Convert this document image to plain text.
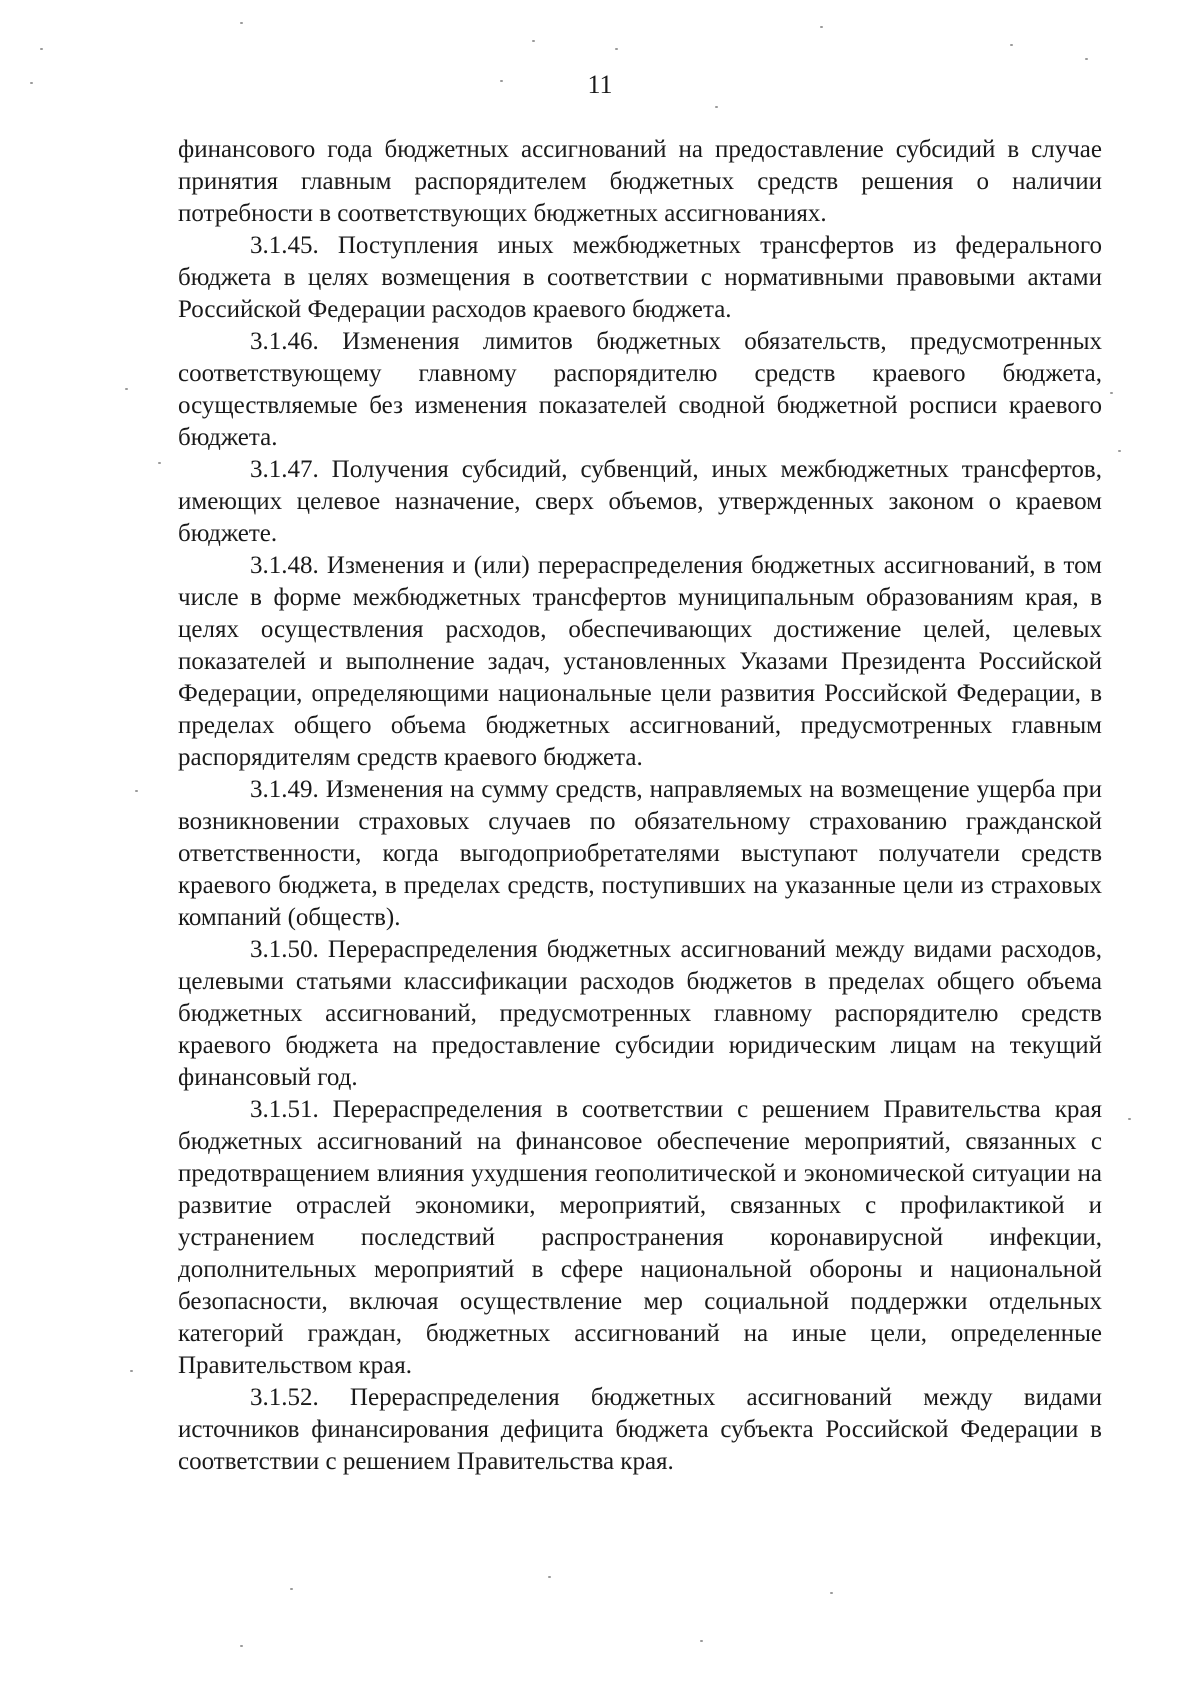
11

финансового года бюджетных ассигнований на предоставление субсидий в случае принятия главным распорядителем бюджетных средств решения о наличии потребности в соответствующих бюджетных ассигнованиях.

3.1.45. Поступления иных межбюджетных трансфертов из федерального бюджета в целях возмещения в соответствии с нормативными правовыми актами Российской Федерации расходов краевого бюджета.

3.1.46. Изменения лимитов бюджетных обязательств, предусмотренных соответствующему главному распорядителю средств краевого бюджета, осуществляемые без изменения показателей сводной бюджетной росписи краевого бюджета.

3.1.47. Получения субсидий, субвенций, иных межбюджетных трансфертов, имеющих целевое назначение, сверх объемов, утвержденных законом о краевом бюджете.

3.1.48. Изменения и (или) перераспределения бюджетных ассигнований, в том числе в форме межбюджетных трансфертов муниципальным образованиям края, в целях осуществления расходов, обеспечивающих достижение целей, целевых показателей и выполнение задач, установленных Указами Президента Российской Федерации, определяющими национальные цели развития Российской Федерации, в пределах общего объема бюджетных ассигнований, предусмотренных главным распорядителям средств краевого бюджета.

3.1.49. Изменения на сумму средств, направляемых на возмещение ущерба при возникновении страховых случаев по обязательному страхованию гражданской ответственности, когда выгодоприобретателями выступают получатели средств краевого бюджета, в пределах средств, поступивших на указанные цели из страховых компаний (обществ).

3.1.50. Перераспределения бюджетных ассигнований между видами расходов, целевыми статьями классификации расходов бюджетов в пределах общего объема бюджетных ассигнований, предусмотренных главному распорядителю средств краевого бюджета на предоставление субсидии юридическим лицам на текущий финансовый год.

3.1.51. Перераспределения в соответствии с решением Правительства края бюджетных ассигнований на финансовое обеспечение мероприятий, связанных с предотвращением влияния ухудшения геополитической и экономической ситуации на развитие отраслей экономики, мероприятий, связанных с профилактикой и устранением последствий распространения коронавирусной инфекции, дополнительных мероприятий в сфере национальной обороны и национальной безопасности, включая осуществление мер социальной поддержки отдельных категорий граждан, бюджетных ассигнований на иные цели, определенные Правительством края.

3.1.52. Перераспределения бюджетных ассигнований между видами источников финансирования дефицита бюджета субъекта Российской Федерации в соответствии с решением Правительства края.
